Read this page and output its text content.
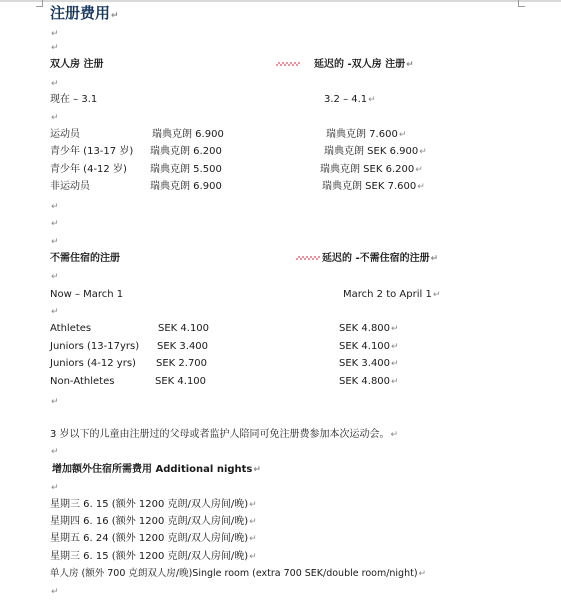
注册费用↵
↵
↵
双人房 注册	延迟的 -双人房 注册↵
↵
现在 – 3.1	3.2 – 4.1↵
↵
运动员	瑞典克朗 6.900	瑞典克朗 7.600↵
青少年 (13-17 岁) 瑞典克朗 6.200	瑞典克朗 SEK 6.900↵
青少年 (4-12 岁) 瑞典克朗 5.500	瑞典克朗 SEK 6.200↵
非运动员	瑞典克朗 6.900	瑞典克朗 SEK 7.600↵
↵
↵
↵
不需住宿的注册	延迟的 -不需住宿的注册↵
↵
Now – March 1	March 2 to April 1↵
↵
Athletes	SEK 4.100	SEK 4.800↵
Juniors (13-17yrs) SEK 3.400	SEK 4.100↵
Juniors (4-12 yrs) SEK 2.700	SEK 3.400↵
Non-Athletes	SEK 4.100	SEK 4.800↵
↵
3 岁以下的儿童由注册过的父母或者监护人陪同可免注册费参加本次运动会。↵
↵
增加额外住宿所需费用 Additional nights↵
↵
星期三 6. 15 (额外 1200 克朗/双人房间/晚)↵
星期四 6. 16 (额外 1200 克朗/双人房间/晚)↵
星期五 6. 24 (额外 1200 克朗/双人房间/晚)↵
星期三 6. 15 (额外 1200 克朗/双人房间/晚)↵
单人房 (额外 700 克朗双人房/晚)Single room (extra 700 SEK/double room/night)↵
↵
